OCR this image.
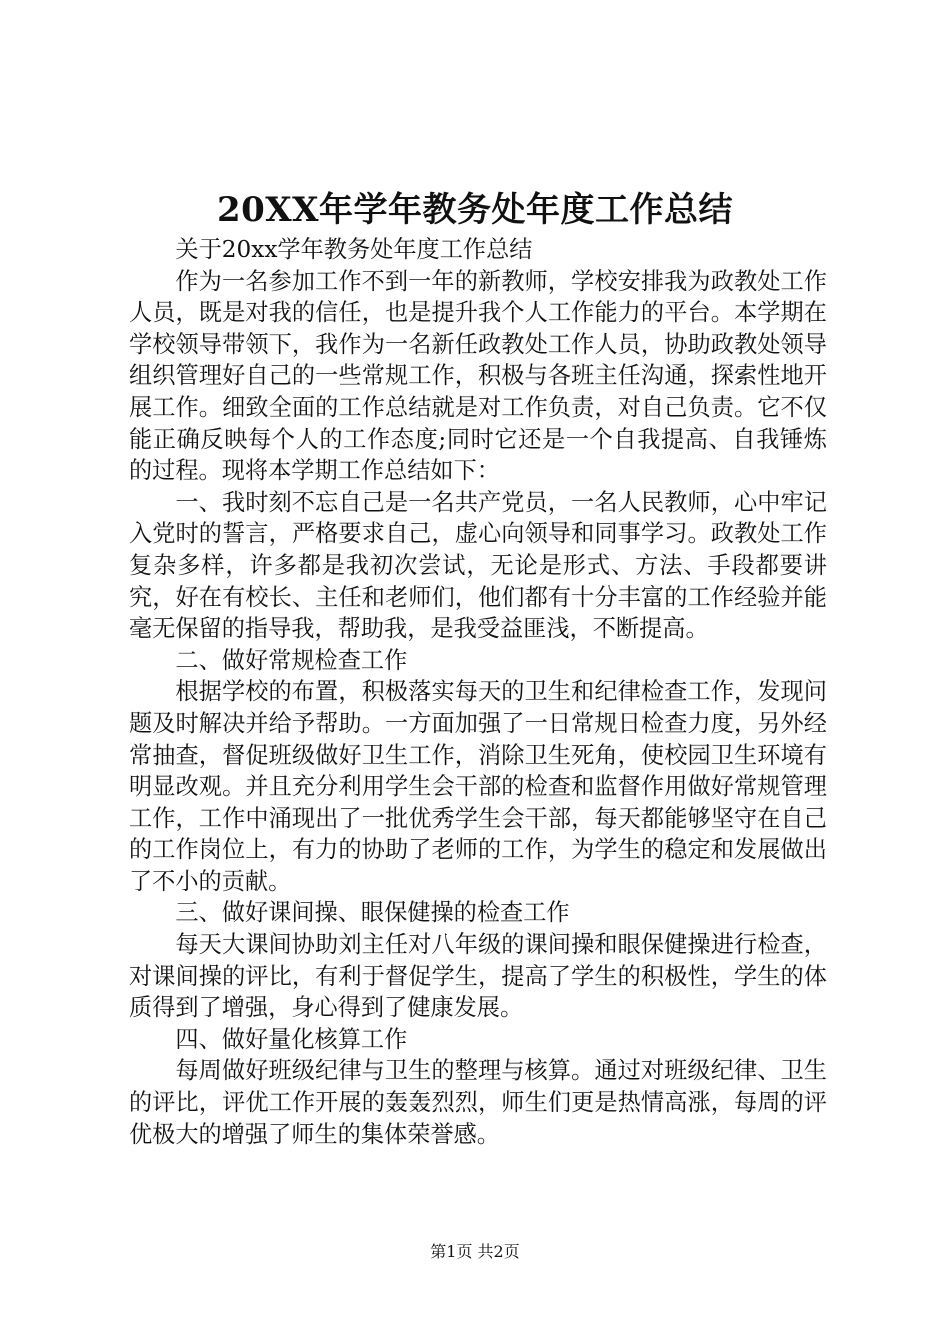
20XX年学年教务处年度工作总结

关于20xx学年教务处年度工作总结

作为一名参加工作不到一年的新教师，学校安排我为政教处工作人员，既是对我的信任，也是提升我个人工作能力的平台。本学期在学校领导带领下，我作为一名新任政教处工作人员，协助政教处领导组织管理好自己的一些常规工作，积极与各班主任沟通，探索性地开展工作。细致全面的工作总结就是对工作负责，对自己负责。它不仅能正确反映每个人的工作态度;同时它还是一个自我提高、自我锤炼的过程。现将本学期工作总结如下：

一、我时刻不忘自己是一名共产党员，一名人民教师，心中牢记入党时的誓言，严格要求自己，虚心向领导和同事学习。政教处工作复杂多样，许多都是我初次尝试，无论是形式、方法、手段都要讲究，好在有校长、主任和老师们，他们都有十分丰富的工作经验并能毫无保留的指导我，帮助我，是我受益匪浅，不断提高。

二、做好常规检查工作

根据学校的布置，积极落实每天的卫生和纪律检查工作，发现问题及时解决并给予帮助。一方面加强了一日常规日检查力度，另外经常抽查，督促班级做好卫生工作，消除卫生死角，使校园卫生环境有明显改观。并且充分利用学生会干部的检查和监督作用做好常规管理工作，工作中涌现出了一批优秀学生会干部，每天都能够坚守在自己的工作岗位上，有力的协助了老师的工作，为学生的稳定和发展做出了不小的贡献。

三、做好课间操、眼保健操的检查工作

每天大课间协助刘主任对八年级的课间操和眼保健操进行检查，对课间操的评比，有利于督促学生，提高了学生的积极性，学生的体质得到了增强，身心得到了健康发展。

四、做好量化核算工作

每周做好班级纪律与卫生的整理与核算。通过对班级纪律、卫生的评比，评优工作开展的轰轰烈烈，师生们更是热情高涨，每周的评优极大的增强了师生的集体荣誉感。

第1页 共2页
